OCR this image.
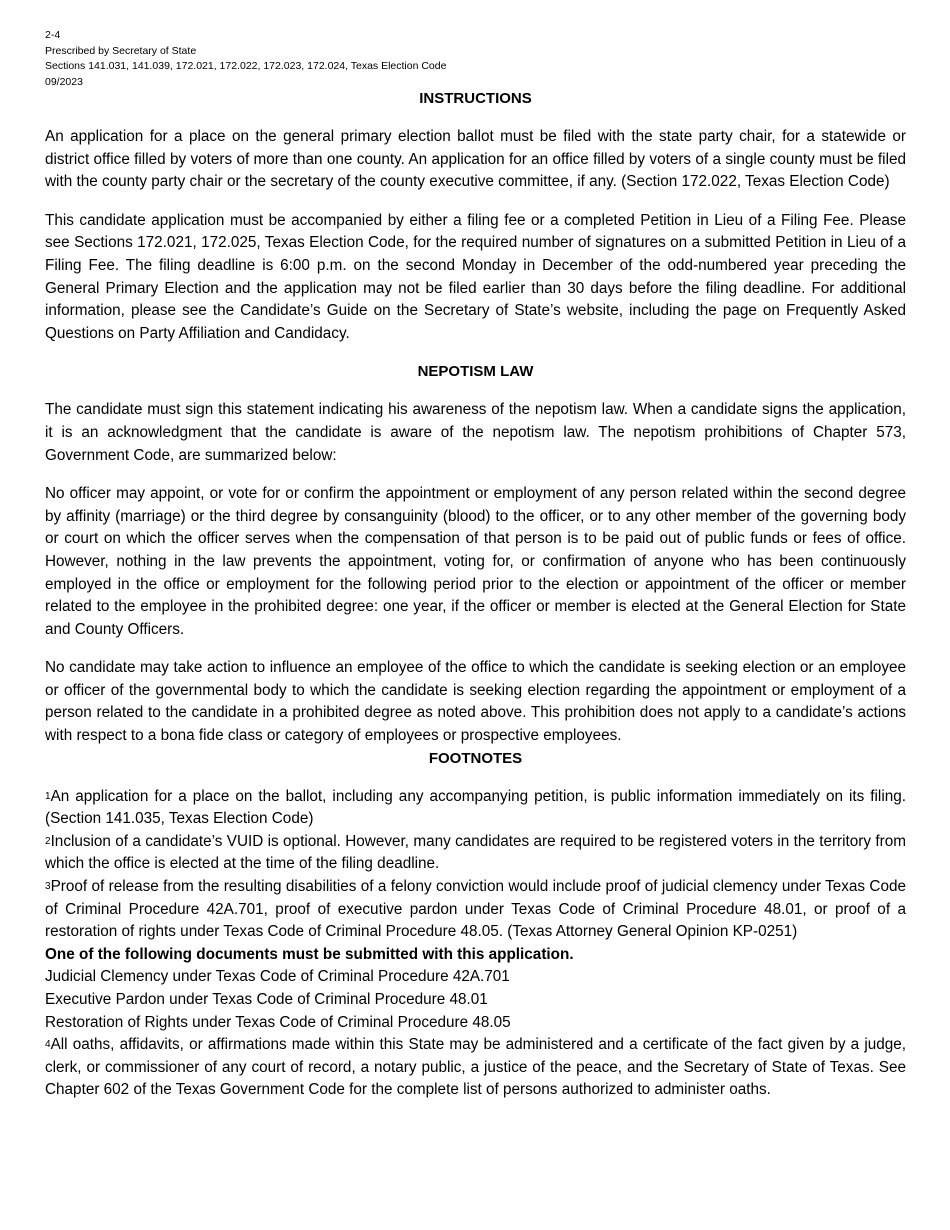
2-4
Prescribed by Secretary of State
Sections 141.031, 141.039, 172.021, 172.022, 172.023, 172.024, Texas Election Code
09/2023
INSTRUCTIONS

An application for a place on the general primary election ballot must be filed with the state party chair, for a statewide or district office filled by voters of more than one county. An application for an office filled by voters of a single county must be filed with the county party chair or the secretary of the county executive committee, if any. (Section 172.022, Texas Election Code)

This candidate application must be accompanied by either a filing fee or a completed Petition in Lieu of a Filing Fee. Please see Sections 172.021, 172.025, Texas Election Code, for the required number of signatures on a submitted Petition in Lieu of a Filing Fee. The filing deadline is 6:00 p.m. on the second Monday in December of the odd-numbered year preceding the General Primary Election and the application may not be filed earlier than 30 days before the filing deadline. For additional information, please see the Candidate’s Guide on the Secretary of State’s website, including the page on Frequently Asked Questions on Party Affiliation and Candidacy.

NEPOTISM LAW

The candidate must sign this statement indicating his awareness of the nepotism law. When a candidate signs the application, it is an acknowledgment that the candidate is aware of the nepotism law. The nepotism prohibitions of Chapter 573, Government Code, are summarized below:

No officer may appoint, or vote for or confirm the appointment or employment of any person related within the second degree by affinity (marriage) or the third degree by consanguinity (blood) to the officer, or to any other member of the governing body or court on which the officer serves when the compensation of that person is to be paid out of public funds or fees of office. However, nothing in the law prevents the appointment, voting for, or confirmation of anyone who has been continuously employed in the office or employment for the following period prior to the election or appointment of the officer or member related to the employee in the prohibited degree: one year, if the officer or member is elected at the General Election for State and County Officers.

No candidate may take action to influence an employee of the office to which the candidate is seeking election or an employee or officer of the governmental body to which the candidate is seeking election regarding the appointment or employment of a person related to the candidate in a prohibited degree as noted above. This prohibition does not apply to a candidate’s actions with respect to a bona fide class or category of employees or prospective employees.

FOOTNOTES

$^1$An application for a place on the ballot, including any accompanying petition, is public information immediately on its filing. (Section 141.035, Texas Election Code)

$^2$Inclusion of a candidate’s VUID is optional. However, many candidates are required to be registered voters in the territory from which the office is elected at the time of the filing deadline.

$^3$Proof of release from the resulting disabilities of a felony conviction would include proof of judicial clemency under Texas Code of Criminal Procedure 42A.701, proof of executive pardon under Texas Code of Criminal Procedure 48.01, or proof of a restoration of rights under Texas Code of Criminal Procedure 48.05. (Texas Attorney General Opinion KP-0251)

One of the following documents must be submitted with this application.
Judicial Clemency under Texas Code of Criminal Procedure 42A.701
Executive Pardon under Texas Code of Criminal Procedure 48.01
Restoration of Rights under Texas Code of Criminal Procedure 48.05

$^4$All oaths, affidavits, or affirmations made within this State may be administered and a certificate of the fact given by a judge, clerk, or commissioner of any court of record, a notary public, a justice of the peace, and the Secretary of State of Texas. See Chapter 602 of the Texas Government Code for the complete list of persons authorized to administer oaths.
